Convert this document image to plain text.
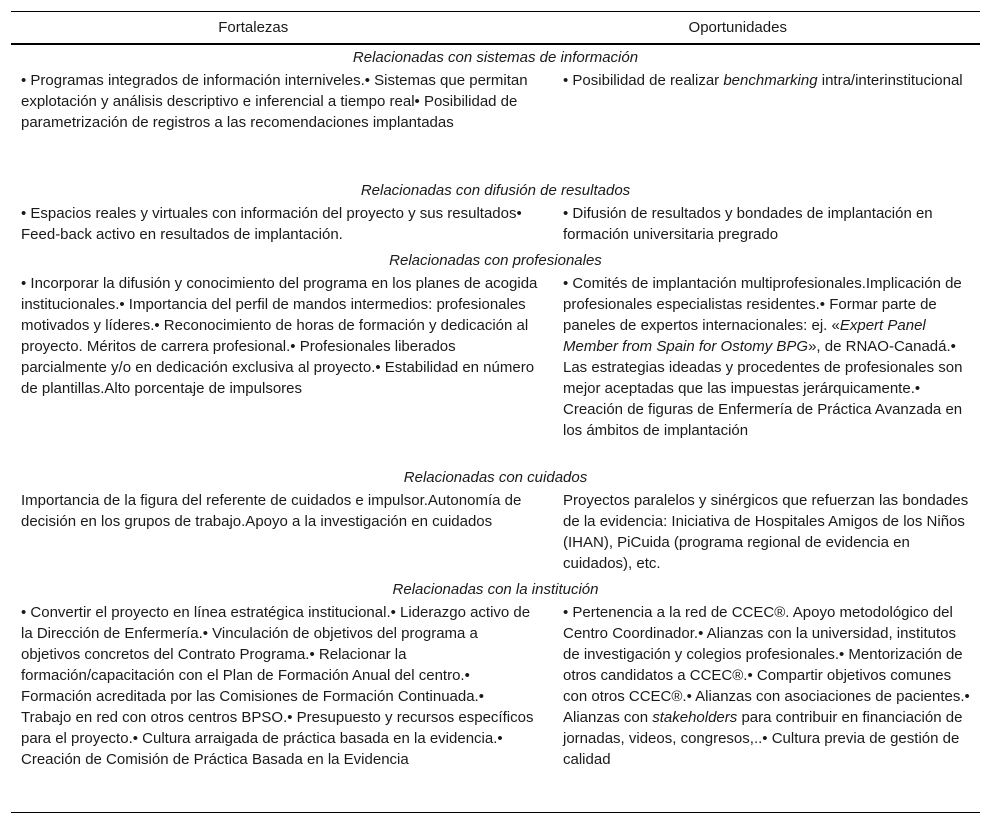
Fortalezas	Oportunidades
Relacionadas con sistemas de información
• Programas integrados de información interniveles.• Sistemas que permitan explotación y análisis descriptivo e inferencial a tiempo real• Posibilidad de parametrización de registros a las recomendaciones implantadas
• Posibilidad de realizar benchmarking intra/interinstitucional
Relacionadas con difusión de resultados
• Espacios reales y virtuales con información del proyecto y sus resultados• Feed-back activo en resultados de implantación.
• Difusión de resultados y bondades de implantación en formación universitaria pregrado
Relacionadas con profesionales
• Incorporar la difusión y conocimiento del programa en los planes de acogida institucionales.• Importancia del perfil de mandos intermedios: profesionales motivados y líderes.• Reconocimiento de horas de formación y dedicación al proyecto. Méritos de carrera profesional.• Profesionales liberados parcialmente y/o en dedicación exclusiva al proyecto.• Estabilidad en número de plantillas.Alto porcentaje de impulsores
• Comités de implantación multiprofesionales.Implicación de profesionales especialistas residentes.• Formar parte de paneles de expertos internacionales: ej. «Expert Panel Member from Spain for Ostomy BPG», de RNAO-Canadá.• Las estrategias ideadas y procedentes de profesionales son mejor aceptadas que las impuestas jerárquicamente.• Creación de figuras de Enfermería de Práctica Avanzada en los ámbitos de implantación
Relacionadas con cuidados
Importancia de la figura del referente de cuidados e impulsor.Autonomía de decisión en los grupos de trabajo.Apoyo a la investigación en cuidados
Proyectos paralelos y sinérgicos que refuerzan las bondades de la evidencia: Iniciativa de Hospitales Amigos de los Niños (IHAN), PiCuida (programa regional de evidencia en cuidados), etc.
Relacionadas con la institución
• Convertir el proyecto en línea estratégica institucional.• Liderazgo activo de la Dirección de Enfermería.• Vinculación de objetivos del programa a objetivos concretos del Contrato Programa.• Relacionar la formación/capacitación con el Plan de Formación Anual del centro.• Formación acreditada por las Comisiones de Formación Continuada.• Trabajo en red con otros centros BPSO.• Presupuesto y recursos específicos para el proyecto.• Cultura arraigada de práctica basada en la evidencia.• Creación de Comisión de Práctica Basada en la Evidencia
• Pertenencia a la red de CCEC®. Apoyo metodológico del Centro Coordinador.• Alianzas con la universidad, institutos de investigación y colegios profesionales.• Mentorización de otros candidatos a CCEC®.• Compartir objetivos comunes con otros CCEC®.• Alianzas con asociaciones de pacientes.• Alianzas con stakeholders para contribuir en financiación de jornadas, videos, congresos,..• Cultura previa de gestión de calidad
